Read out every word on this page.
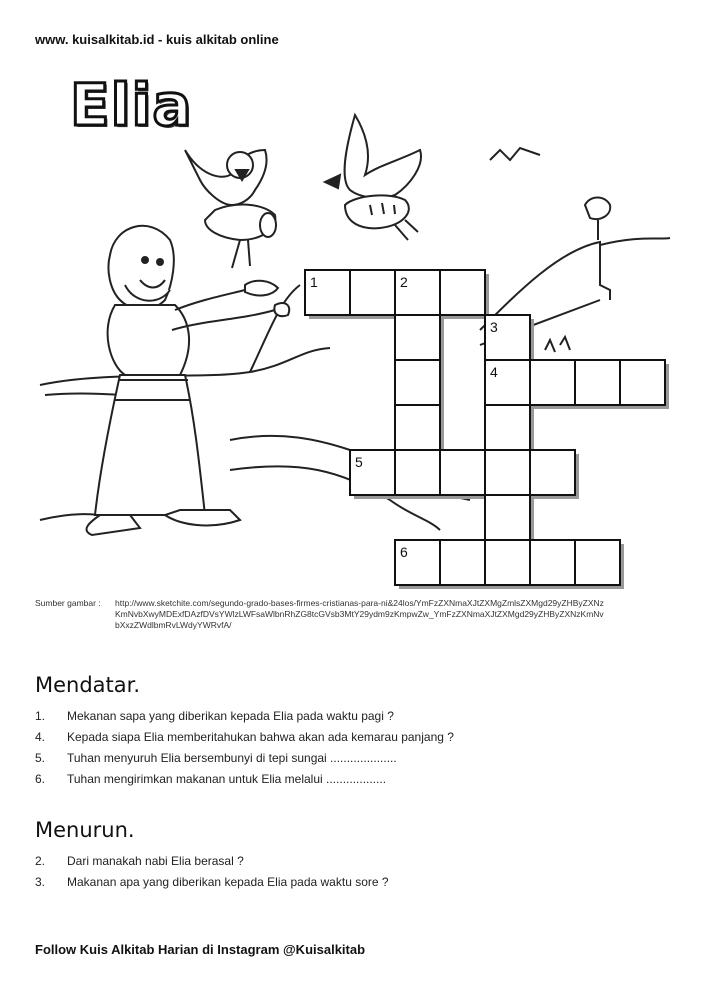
www. kuisalkitab.id - kuis alkitab online
Elia
1	2
3
4
5
6
Sumber gambar :	http://www.sketchite.com/segundo-grado-bases-firmes-cristianas-para-ni&24los/YmFzZXNmaXJtZXMgZmlsZXMgd29yZHByZXNzKmNvbXwyMDExfDAzfDVsYWlzLWFsaWlbnRhZG8tcGVsb3MtY29ydm9zKmpwZw_YmFzZXNmaXJtZXMgd29yZHByZXNzKmNvbXxzZWdlbmRvLWdyYWRvfA/
Mendatar.
1.	Mekanan sapa yang diberikan kepada Elia pada waktu pagi ?
4.	Kepada siapa Elia memberitahukan bahwa akan ada kemarau panjang ?
5.	Tuhan menyuruh Elia bersembunyi di tepi sungai ....................
6.	Tuhan mengirimkan makanan untuk Elia melalui ..................
Menurun.
2.	Dari manakah nabi Elia berasal ?
3.	Makanan apa yang diberikan kepada Elia pada waktu sore ?
Follow Kuis Alkitab Harian di Instagram @Kuisalkitab
